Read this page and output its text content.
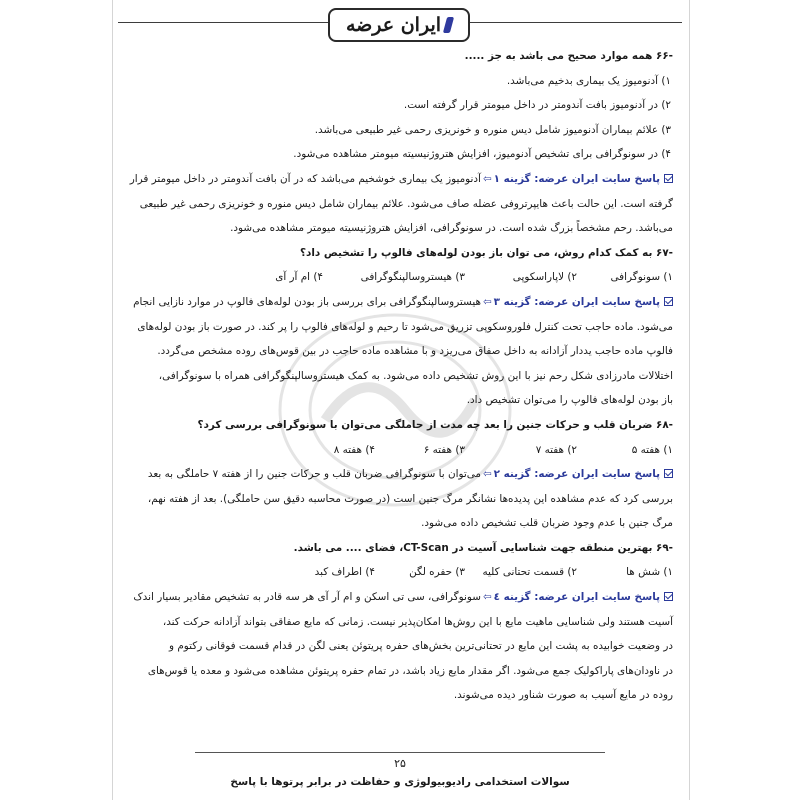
ایران عرضه
-۶۶ همه موارد صحیح می باشد به جز .....
۱) آدنومیوز یک بیماری بدخیم می‌باشد.
۲) در آدنومیوز بافت آندومتر در داخل میومتر قرار گرفته است.
۳) علائم بیماران آدنومیوز شامل دیس منوره و خونریزی رحمی غیر طبیعی می‌باشد.
۴) در سونوگرافی برای تشخیص آدنومیوز، افزایش هتروژنیسیته میومتر مشاهده می‌شود.
پاسخ سایت ایران عرضه: گزینه ۱⇦آدنومیوز یک بیماری خوشخیم می‌باشد که در آن بافت آندومتر در داخل میومتر قرار
گرفته است. این حالت باعث هایپرتروفی عضله صاف می‌شود. علائم بیماران شامل دیس منوره و خونریزی رحمی غیر طبیعی
می‌باشد. رحم مشخصاً بزرگ شده است. در سونوگرافی، افزایش هتروژنیسیته میومتر مشاهده می‌شود.
-۶۷ به کمک کدام روش، می توان باز بودن لوله‌های فالوپ را تشخیص داد؟
۱) سونوگرافی
۲) لاپاراسکوپی
۳) هیستروسالپنگوگرافی
۴) ام آر آی
پاسخ سایت ایران عرضه: گزینه ۳⇦هیستروسالپنگوگرافی برای بررسی باز بودن لوله‌های فالوپ در موارد نازایی انجام
می‌شود. ماده حاجب تحت کنترل فلوروسکوپی تزریق می‌شود تا رحیم و لوله‌های فالوپ را پر کند. در صورت باز بودن لوله‌های
فالوپ ماده حاجب یددار آزادانه به داخل صفاق می‌ریزد و با مشاهده ماده حاجب در بین قوس‌های روده مشخص می‌گردد.
اختلالات مادرزادی شکل رحم نیز با این روش تشخیص داده می‌شود. به کمک هیستروسالپنگوگرافی همراه با سونوگرافی،
باز بودن لوله‌های فالوپ را می‌توان تشخیص داد.
-۶۸ ضربان قلب و حرکات جنین را بعد چه مدت از حاملگی می‌توان با سونوگرافی بررسی کرد؟
۱) هفته ۵
۲) هفته ۷
۳) هفته ۶
۴) هفته ۸
پاسخ سایت ایران عرضه: گزینه ۲⇦می‌توان با سونوگرافی ضربان قلب و حرکات جنین را از هفته ۷ حاملگی به بعد
بررسی کرد که عدم مشاهده این پدیده‌ها نشانگر مرگ جنین است (در صورت محاسبه دقیق سن حاملگی). بعد از هفته نهم،
مرگ جنین با عدم وجود ضربان قلب تشخیص داده می‌شود.
-۶۹ بهترین منطقه جهت شناسایی آسیت در CT-Scan، فضای .... می باشد.
۱) شش ها
۲) قسمت تحتانی کلیه
۳) حفره لگن
۴) اطراف کبد
پاسخ سایت ایران عرضه: گزینه ٤⇦سونوگرافی، سی تی اسکن و ام آر آی هر سه قادر به تشخیص مقادیر بسیار اندک
آسیت هستند ولی شناسایی ماهیت مایع با این روش‌ها امکان‌پذیر نیست. زمانی که مایع صفاقی بتواند آزادانه حرکت کند،
در وضعیت خوابیده به پشت این مایع در تحتانی‌ترین بخش‌های حفره پریتوئن یعنی لگن در قدام قسمت فوقانی رکتوم و
در ناودان‌های پاراکولیک جمع می‌شود. اگر مقدار مایع زیاد باشد، در تمام حفره پریتوئن مشاهده می‌شود و معده یا قوس‌های
روده در مایع آسیب به صورت شناور دیده می‌شوند.
۲۵
سوالات استخدامی رادیوبیولوژی و حفاظت در برابر پرتوها با پاسخ
